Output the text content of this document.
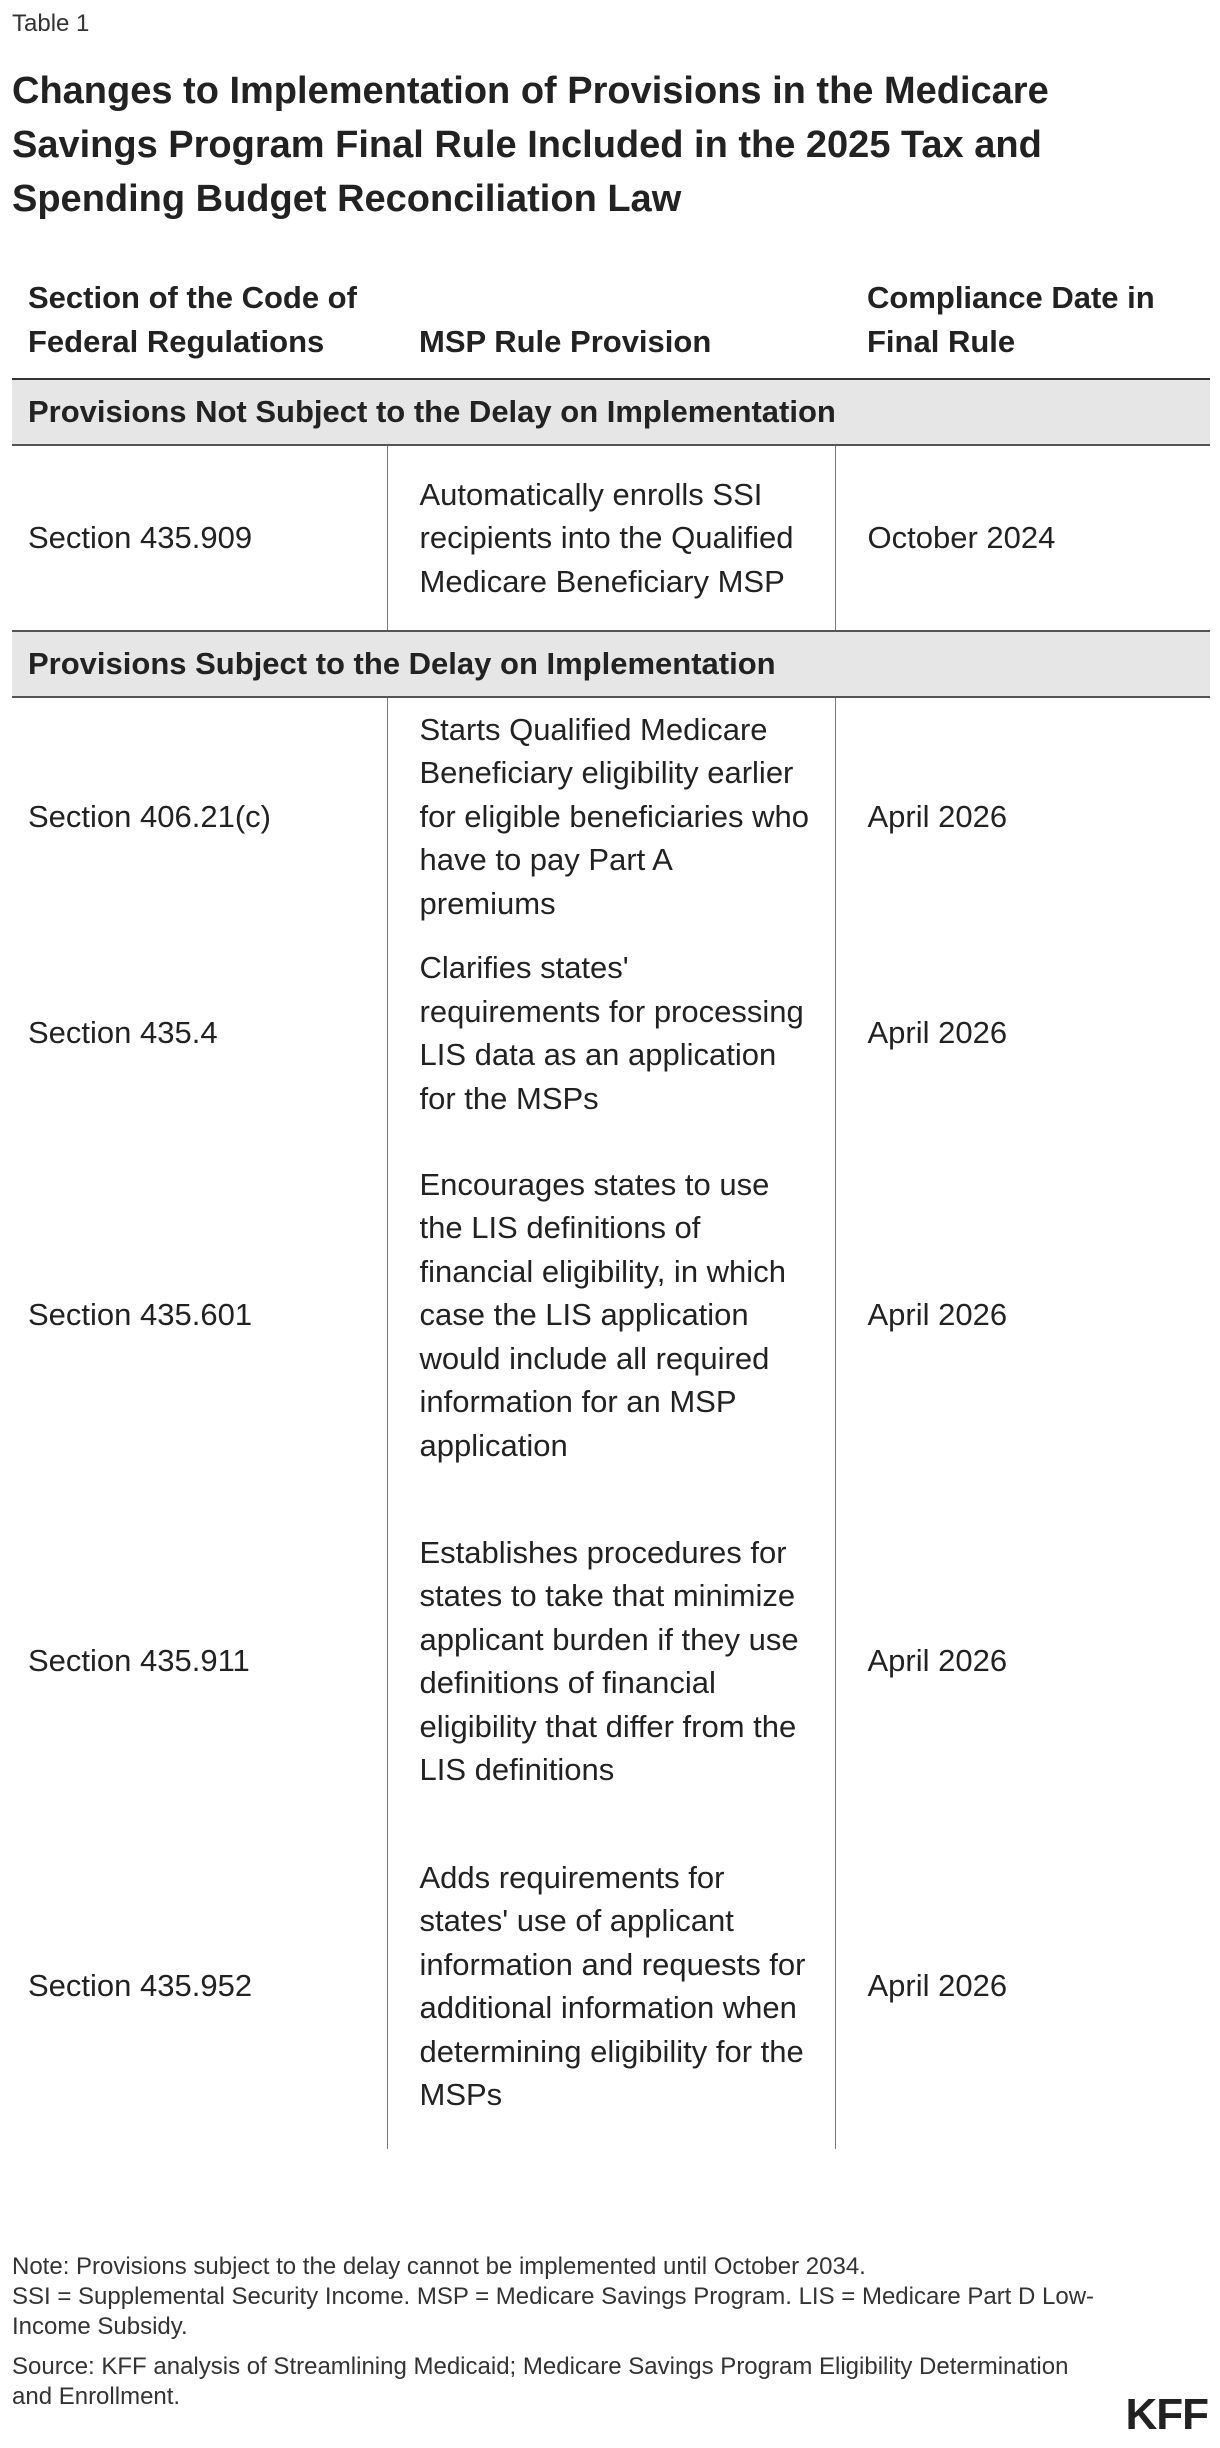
Table 1
Changes to Implementation of Provisions in the Medicare Savings Program Final Rule Included in the 2025 Tax and Spending Budget Reconciliation Law
Section of the Code of Federal Regulations	MSP Rule Provision	Compliance Date in Final Rule
Provisions Not Subject to the Delay on Implementation		
Section 435.909	Automatically enrolls SSI recipients into the Qualified Medicare Beneficiary MSP	October 2024
Provisions Subject to the Delay on Implementation		
Section 406.21(c)	Starts Qualified Medicare Beneficiary eligibility earlier for eligible beneficiaries who have to pay Part A premiums	April 2026
Section 435.4	Clarifies states' requirements for processing LIS data as an application for the MSPs	April 2026
Section 435.601	Encourages states to use the LIS definitions of financial eligibility, in which case the LIS application would include all required information for an MSP application	April 2026
Section 435.911	Establishes procedures for states to take that minimize applicant burden if they use definitions of financial eligibility that differ from the LIS definitions	April 2026
Section 435.952	Adds requirements for states' use of applicant information and requests for additional information when determining eligibility for the MSPs	April 2026

Note: Provisions subject to the delay cannot be implemented until October 2034.

SSI = Supplemental Security Income. MSP = Medicare Savings Program. LIS = Medicare Part D Low-Income Subsidy.

Source: KFF analysis of Streamlining Medicaid; Medicare Savings Program Eligibility Determination and Enrollment.	KFF
